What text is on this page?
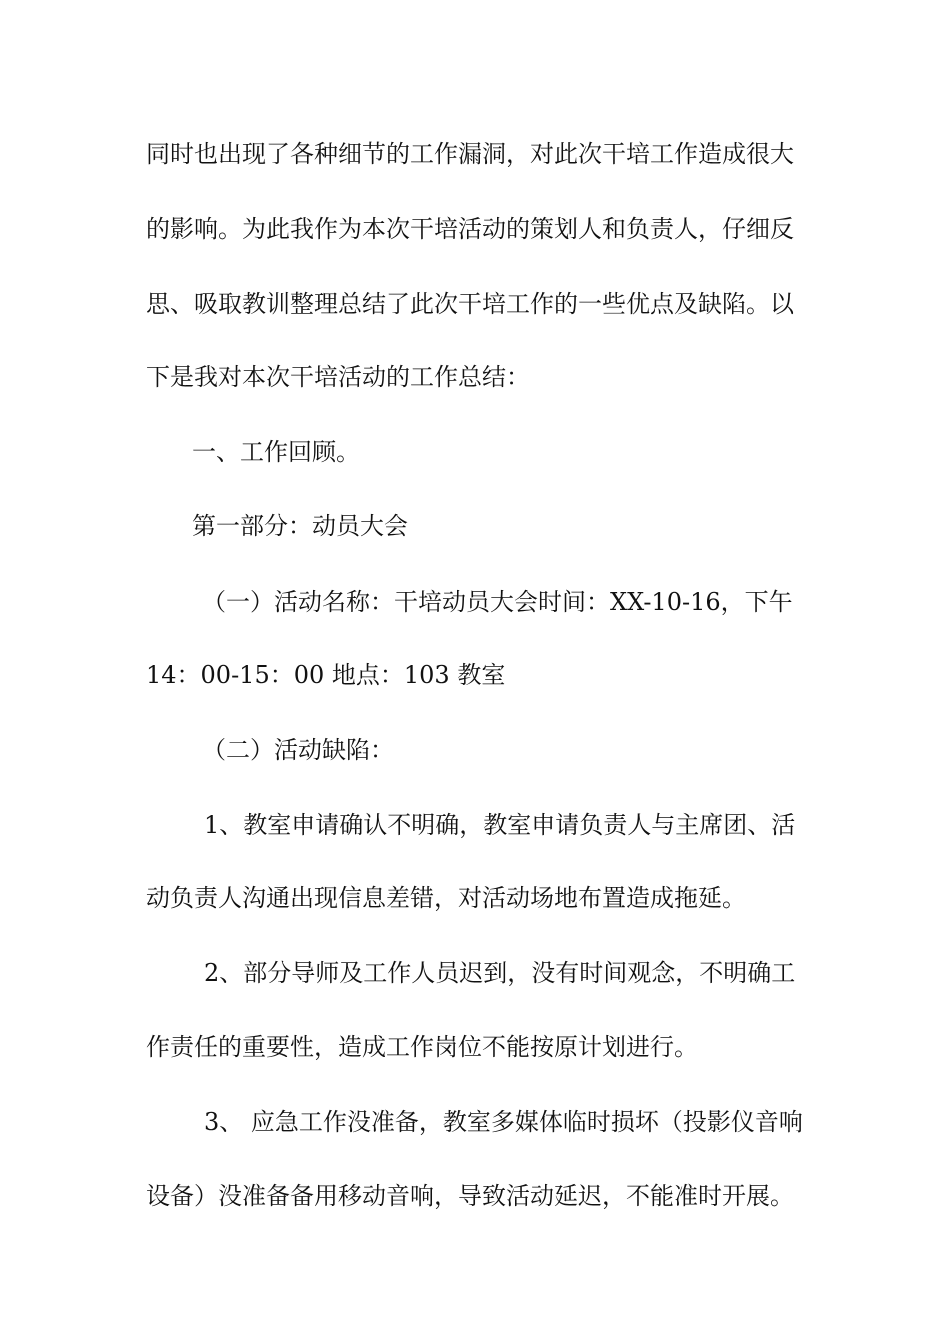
同时也出现了各种细节的工作漏洞，对此次干培工作造成很大
的影响。为此我作为本次干培活动的策划人和负责人，仔细反
思、吸取教训整理总结了此次干培工作的一些优点及缺陷。以
下是我对本次干培活动的工作总结：
一、工作回顾。
第一部分：动员大会
（一）活动名称：干培动员大会时间：XX-10-16，下午
14：00-15：00 地点：103 教室
（二）活动缺陷：
1、教室申请确认不明确，教室申请负责人与主席团、活
动负责人沟通出现信息差错，对活动场地布置造成拖延。
2、部分导师及工作人员迟到，没有时间观念，不明确工
作责任的重要性，造成工作岗位不能按原计划进行。
3、 应急工作没准备，教室多媒体临时损坏（投影仪音响
设备）没准备备用移动音响，导致活动延迟，不能准时开展。
